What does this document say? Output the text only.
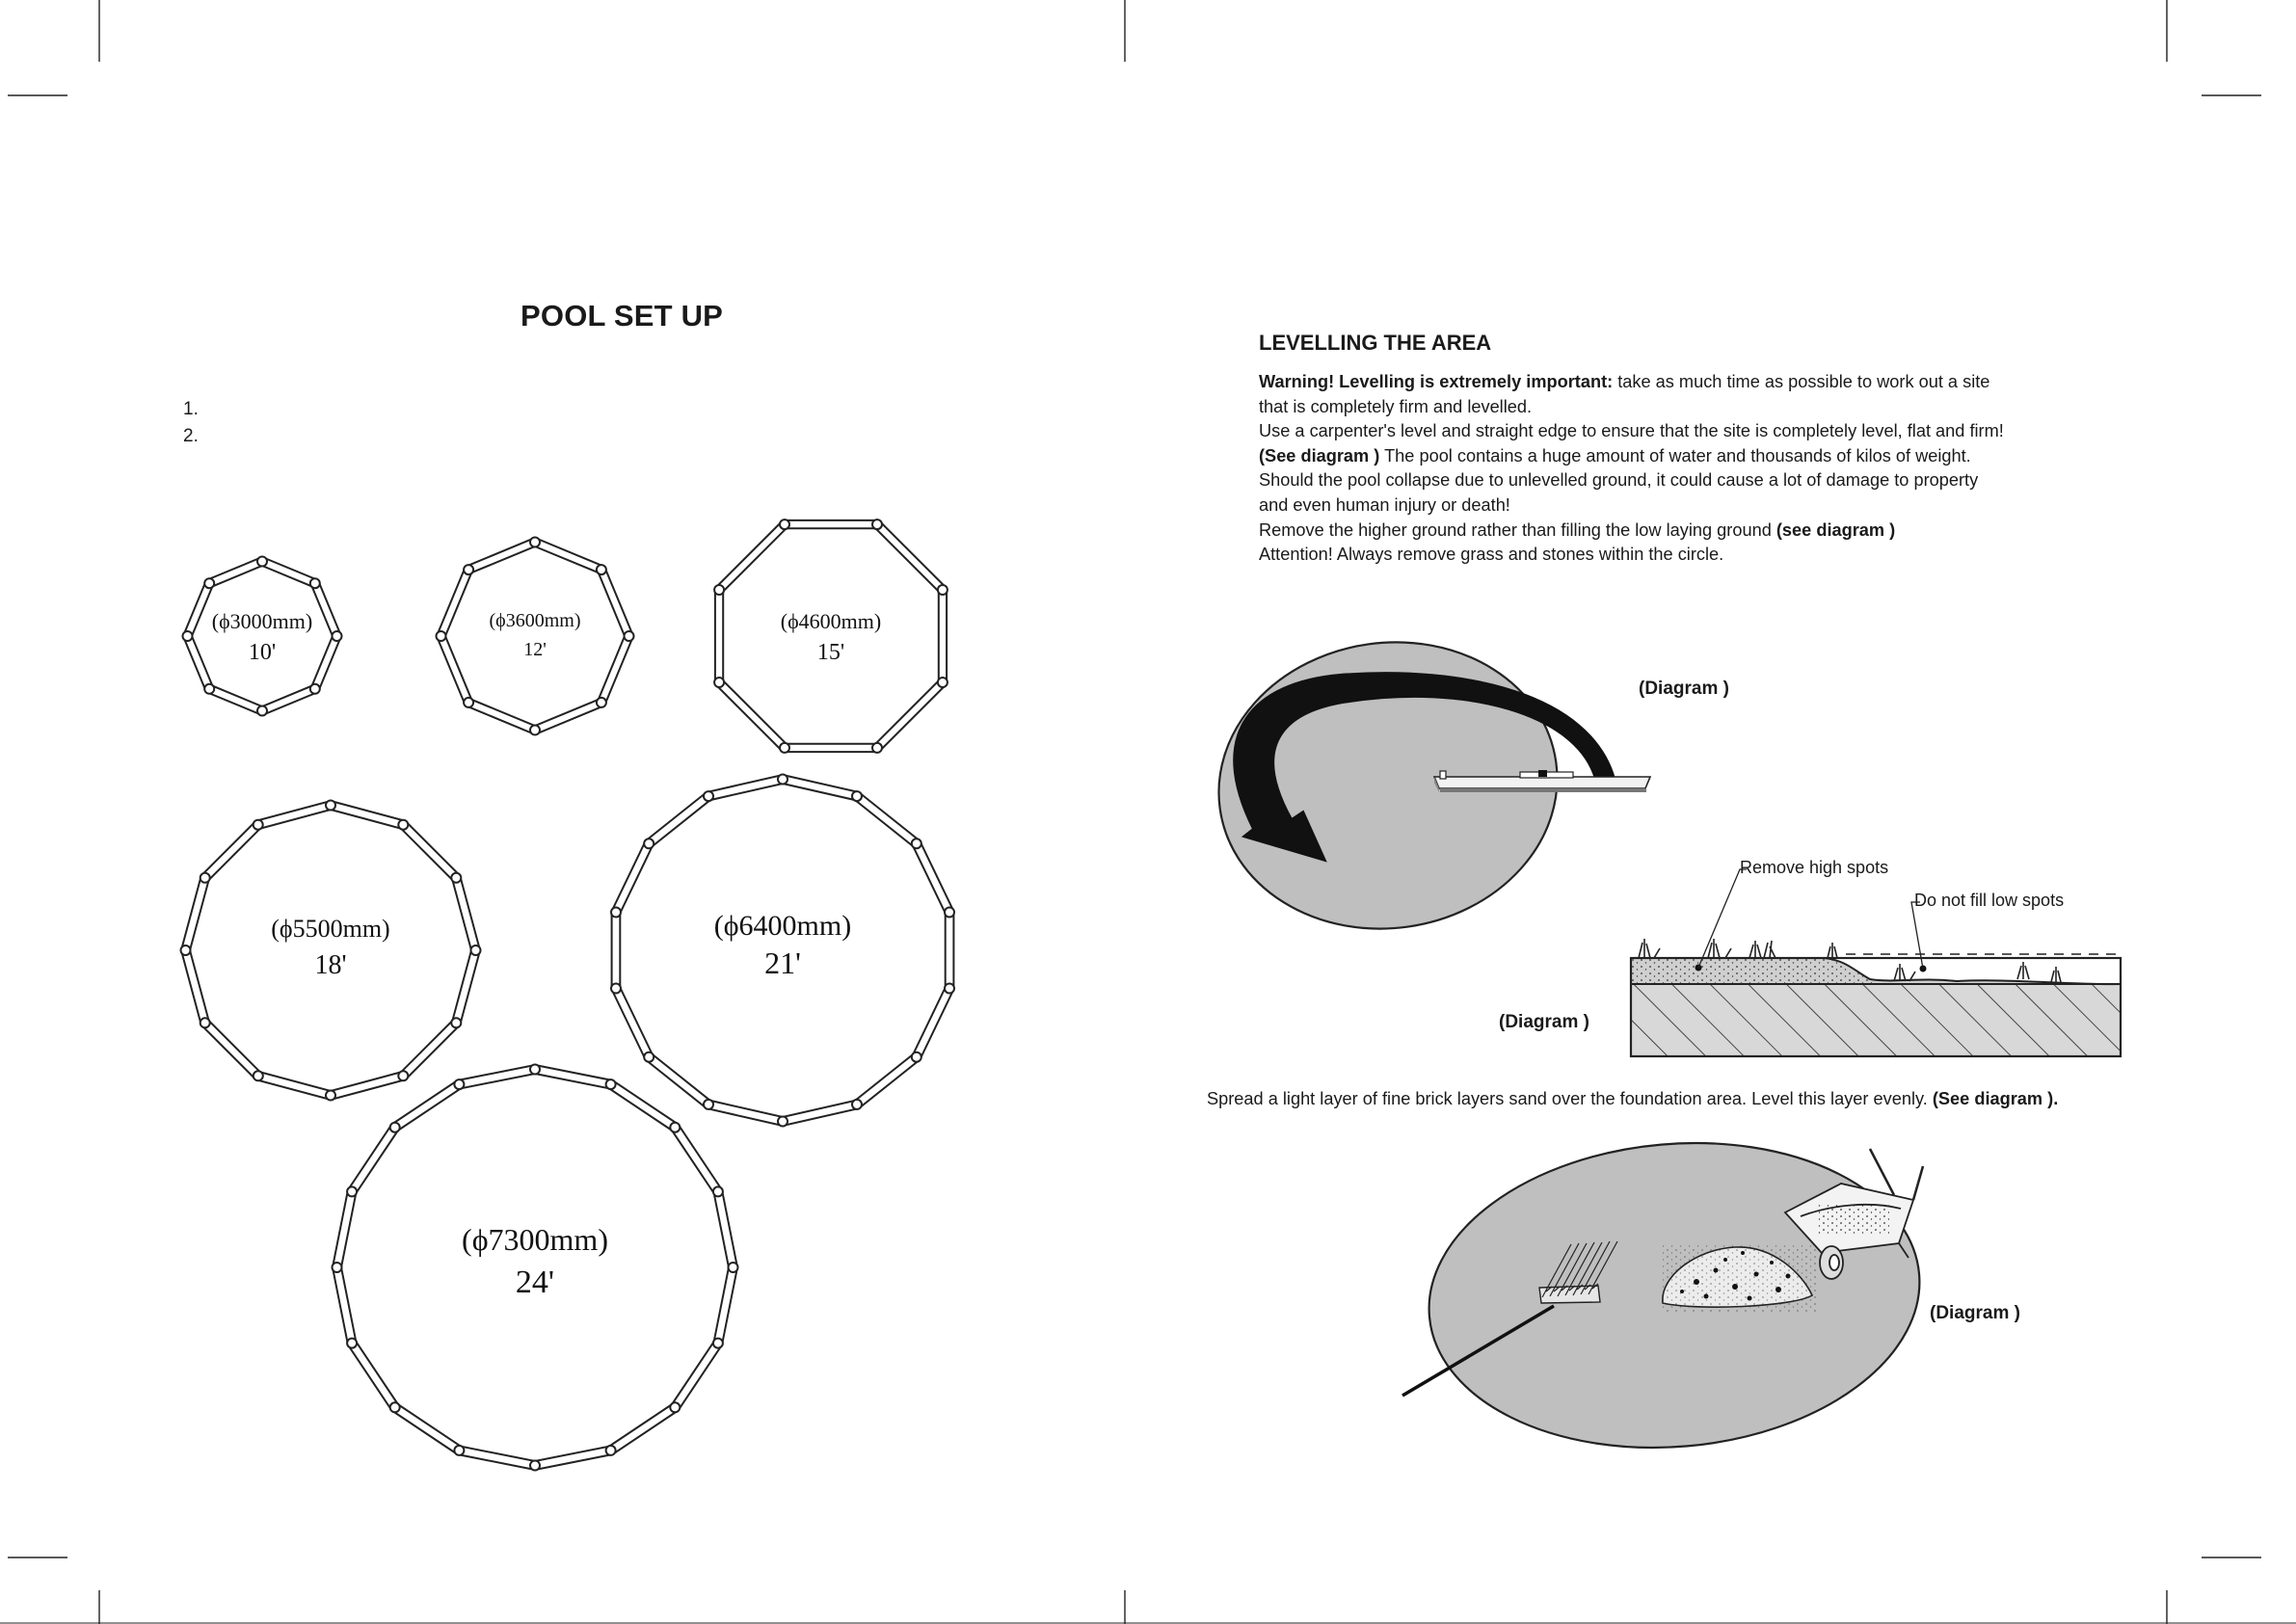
(ϕ3000mm)
10'
(ϕ3600mm)
12'
(ϕ4600mm)
15'
(ϕ5500mm)
18'
(ϕ6400mm)
21'
(ϕ7300mm)
24'
POOL SET UP
1.
2.
LEVELLING THE AREA
Warning! Levelling is extremely important: take as much time as possible to work out a site
that is completely firm and levelled.
Use a carpenter's level and straight edge to ensure that the site is completely level, flat and firm!
(See diagram ) The pool contains a huge amount of water and thousands of kilos of weight.
Should the pool collapse due to unlevelled ground, it could cause a lot of damage to property
and even human injury or death!
Remove the higher ground rather than filling the low laying ground (see diagram )
Attention! Always remove grass and stones within the circle.
(Diagram )
Remove high spots
Do not fill low spots
(Diagram )
Spread a light layer of fine brick layers sand over the foundation area. Level this layer evenly. (See diagram ).
(Diagram )
